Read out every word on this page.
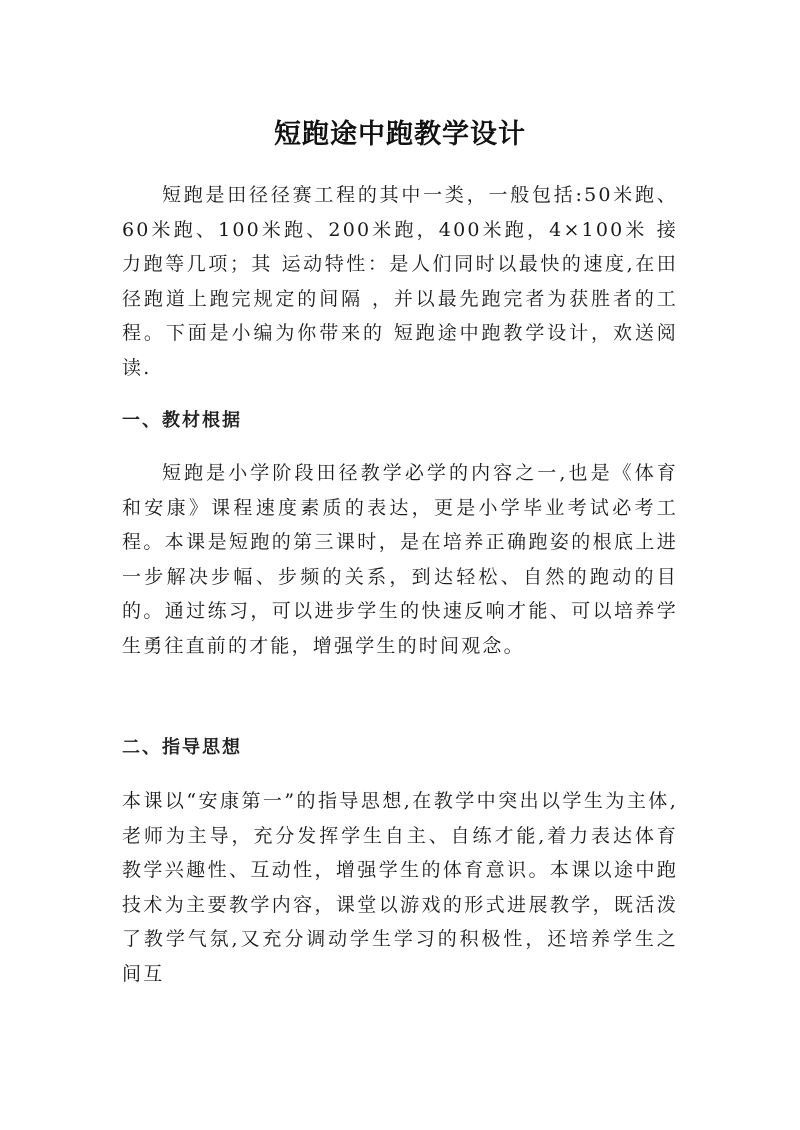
短跑途中跑教学设计

短跑是田径径赛工程的其中一类，一般包括:50米跑、60米跑、100米跑、200米跑，400米跑，4×100米 接力跑等几项；其 运动特性：是人们同时以最快的速度,在田径跑道上跑完规定的间隔 ，并以最先跑完者为获胜者的工程。下面是小编为你带来的 短跑途中跑教学设计，欢送阅读.

一、教材根据

短跑是小学阶段田径教学必学的内容之一,也是《体育和安康》课程速度素质的表达，更是小学毕业考试必考工程。本课是短跑的第三课时，是在培养正确跑姿的根底上进一步解决步幅、步频的关系，到达轻松、自然的跑动的目的。通过练习，可以进步学生的快速反响才能、可以培养学生勇往直前的才能，增强学生的时间观念。

二、指导思想

本课以“安康第一”的指导思想,在教学中突出以学生为主体,老师为主导，充分发挥学生自主、自练才能,着力表达体育教学兴趣性、互动性，增强学生的体育意识。本课以途中跑技术为主要教学内容，课堂以游戏的形式进展教学，既活泼了教学气氛,又充分调动学生学习的积极性，还培养学生之间互
